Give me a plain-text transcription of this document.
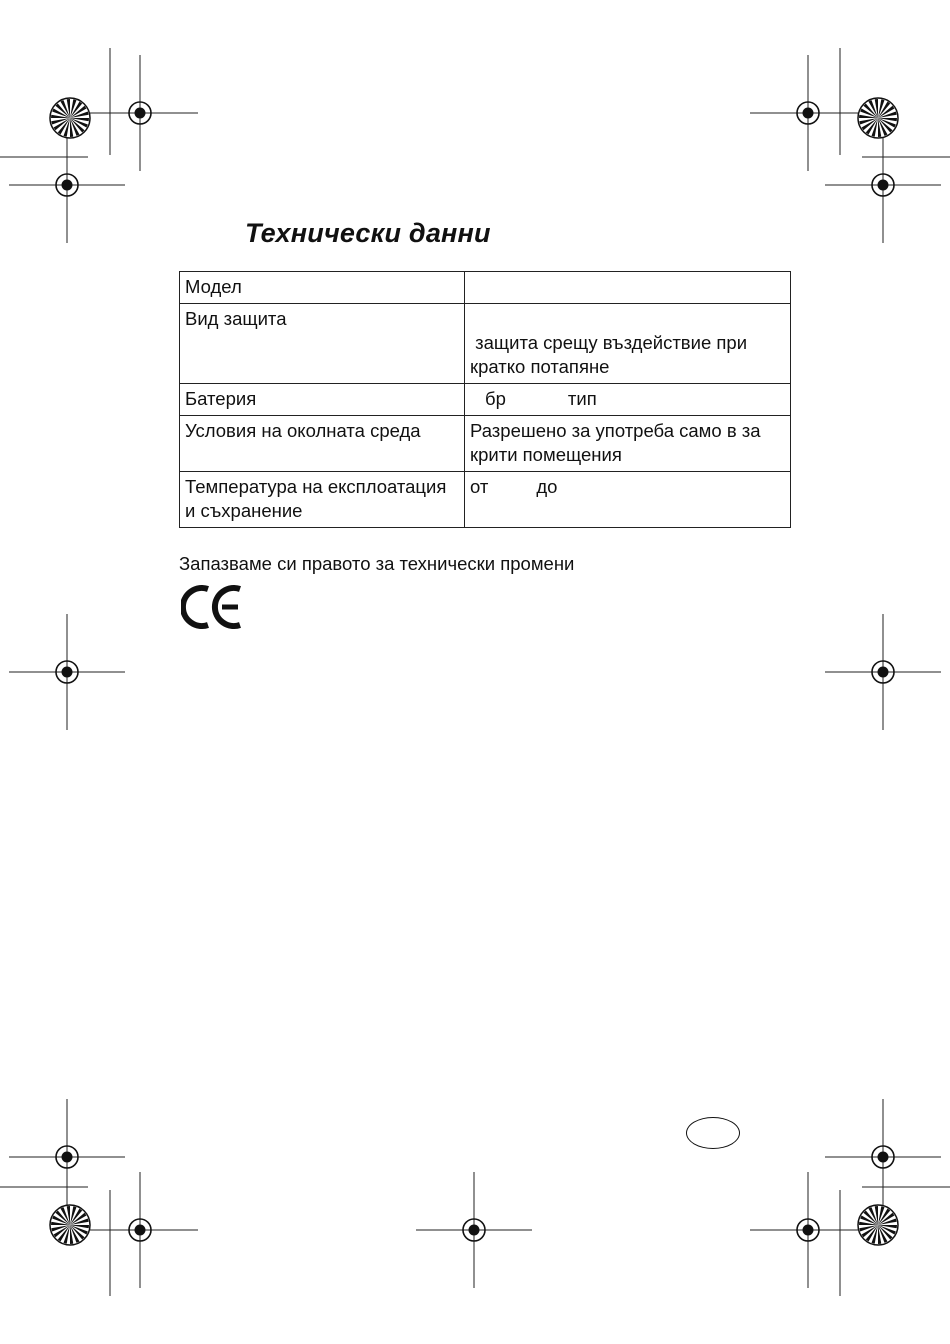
Технически данни
Модел	
Вид защита	защита срещу въздействие при
кратко потапяне

Батерия	бр тип
Условия на околната среда	Разрешено за употреба само в за
крити помещения
Температура на експлоатация
и съхранение	от до
Запазваме си правото за технически промени
